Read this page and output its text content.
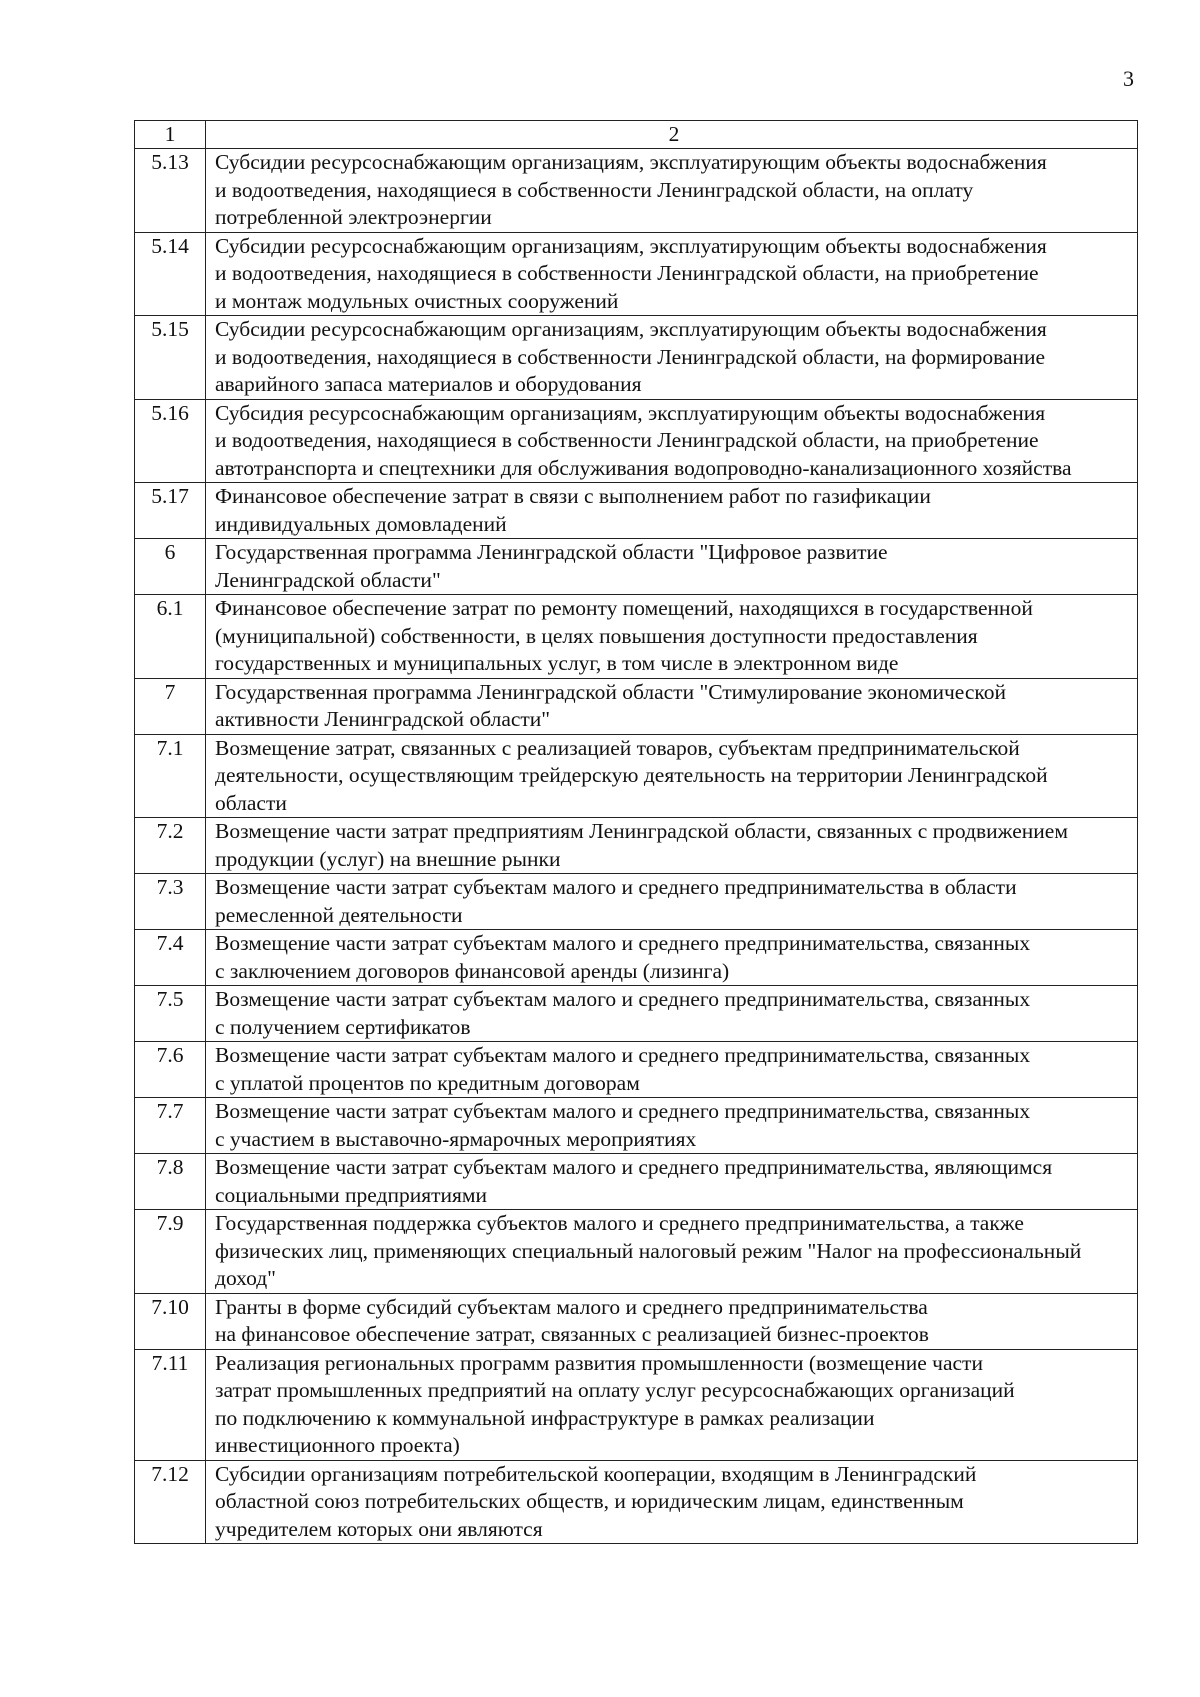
3
1	2
5.13	Субсидии ресурсоснабжающим организациям, эксплуатирующим объекты водоснабжения
и водоотведения, находящиеся в собственности Ленинградской области, на оплату
потребленной электроэнергии

5.14	Субсидии ресурсоснабжающим организациям, эксплуатирующим объекты водоснабжения
и водоотведения, находящиеся в собственности Ленинградской области, на приобретение
и монтаж модульных очистных сооружений

5.15	Субсидии ресурсоснабжающим организациям, эксплуатирующим объекты водоснабжения
и водоотведения, находящиеся в собственности Ленинградской области, на формирование
аварийного запаса материалов и оборудования

5.16	Субсидия ресурсоснабжающим организациям, эксплуатирующим объекты водоснабжения
и водоотведения, находящиеся в собственности Ленинградской области, на приобретение
автотранспорта и спецтехники для обслуживания водопроводно-канализационного хозяйства

5.17	Финансовое обеспечение затрат в связи с выполнением работ по газификации
индивидуальных домовладений

6	Государственная программа Ленинградской области "Цифровое развитие
Ленинградской области"

6.1	Финансовое обеспечение затрат по ремонту помещений, находящихся в государственной
(муниципальной) собственности, в целях повышения доступности предоставления
государственных и муниципальных услуг, в том числе в электронном виде

7	Государственная программа Ленинградской области "Стимулирование экономической
активности Ленинградской области"

7.1	Возмещение затрат, связанных с реализацией товаров, субъектам предпринимательской
деятельности, осуществляющим трейдерскую деятельность на территории Ленинградской
области

7.2	Возмещение части затрат предприятиям Ленинградской области, связанных с продвижением
продукции (услуг) на внешние рынки

7.3	Возмещение части затрат субъектам малого и среднего предпринимательства в области
ремесленной деятельности

7.4	Возмещение части затрат субъектам малого и среднего предпринимательства, связанных
с заключением договоров финансовой аренды (лизинга)

7.5	Возмещение части затрат субъектам малого и среднего предпринимательства, связанных
с получением сертификатов

7.6	Возмещение части затрат субъектам малого и среднего предпринимательства, связанных
с уплатой процентов по кредитным договорам

7.7	Возмещение части затрат субъектам малого и среднего предпринимательства, связанных
с участием в выставочно-ярмарочных мероприятиях

7.8	Возмещение части затрат субъектам малого и среднего предпринимательства, являющимся
социальными предприятиями

7.9	Государственная поддержка субъектов малого и среднего предпринимательства, а также
физических лиц, применяющих специальный налоговый режим "Налог на профессиональный
доход"

7.10	Гранты в форме субсидий субъектам малого и среднего предпринимательства
на финансовое обеспечение затрат, связанных с реализацией бизнес-проектов

7.11	Реализация региональных программ развития промышленности (возмещение части
затрат промышленных предприятий на оплату услуг ресурсоснабжающих организаций
по подключению к коммунальной инфраструктуре в рамках реализации
инвестиционного проекта)

7.12	Субсидии организациям потребительской кооперации, входящим в Ленинградский
областной союз потребительских обществ, и юридическим лицам, единственным
учредителем которых они являются
